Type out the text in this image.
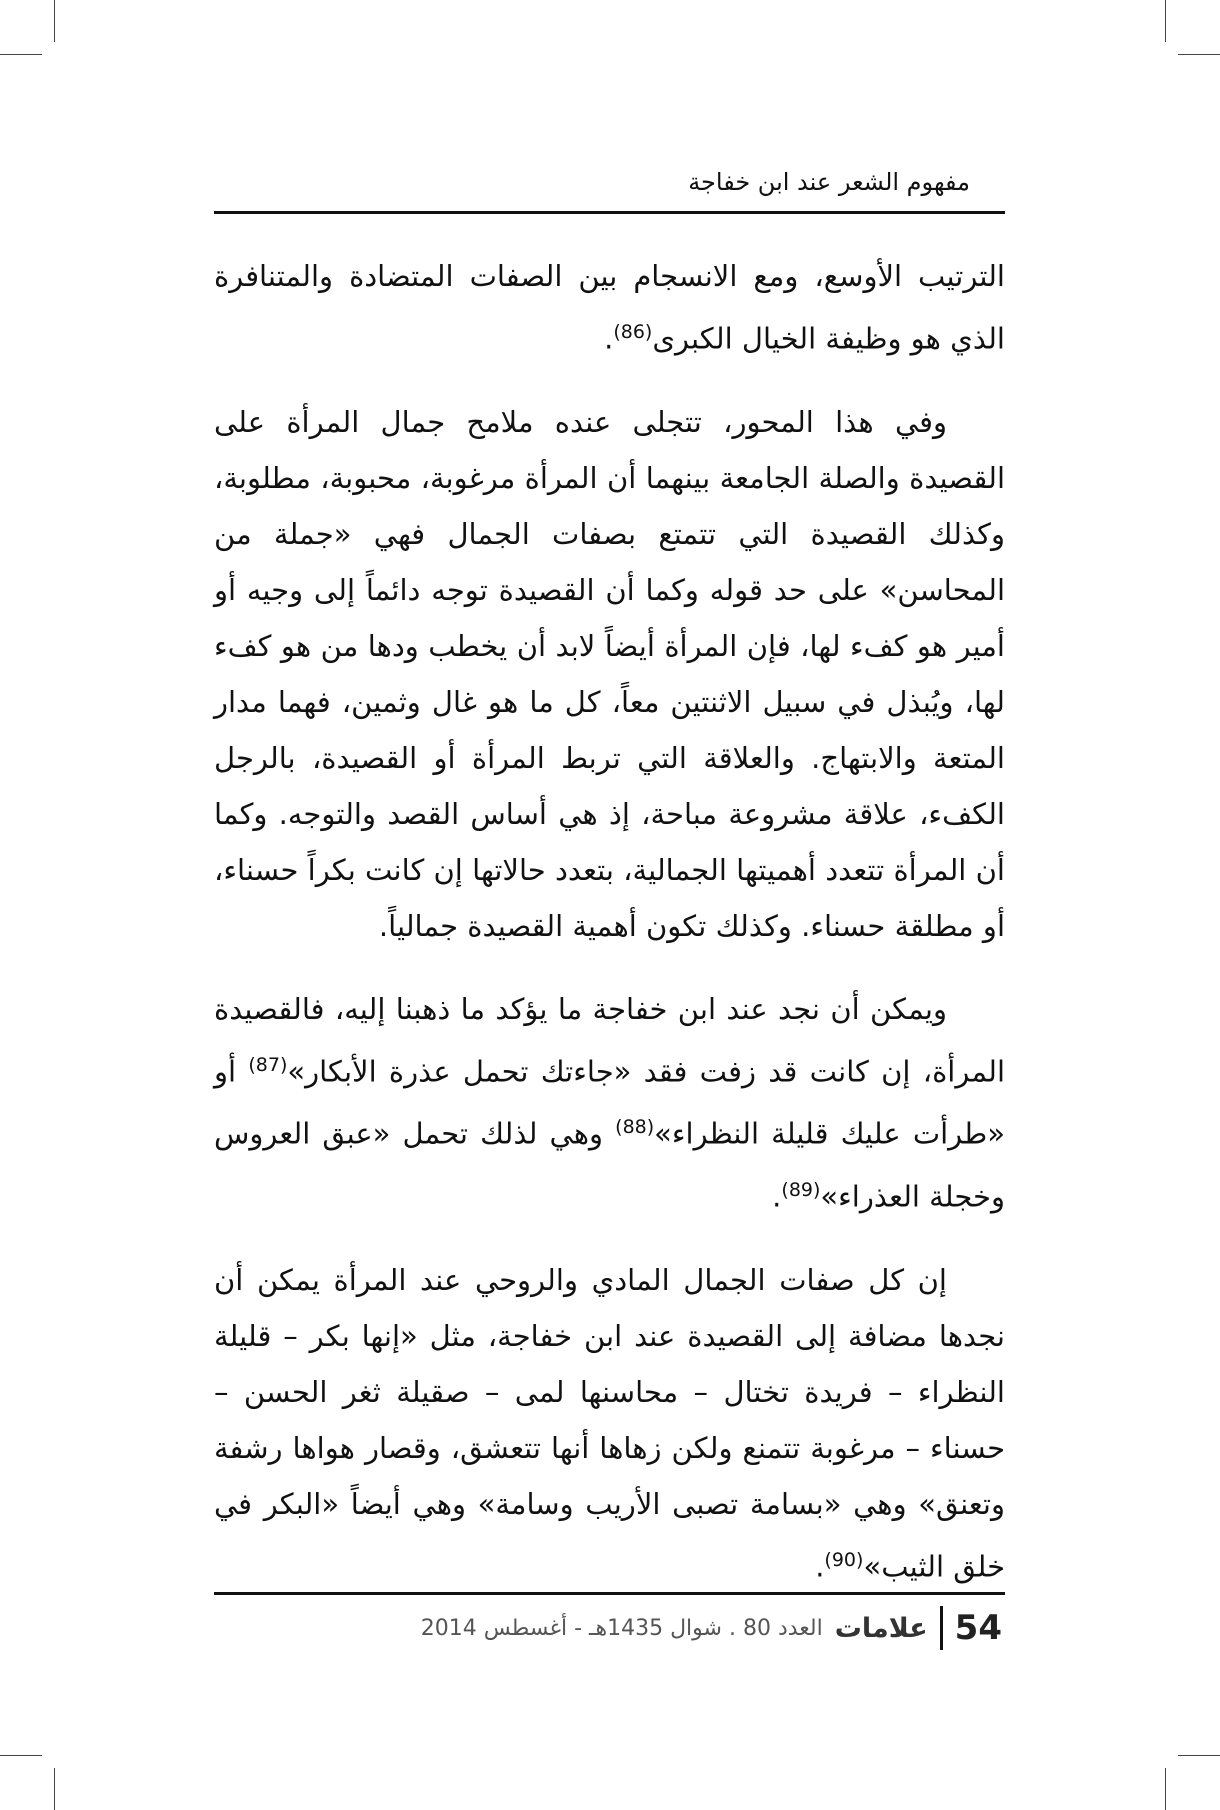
مفهوم الشعر عند ابن خفاجة

الترتيب الأوسع، ومع الانسجام بين الصفات المتضادة والمتنافرة الذي هو وظيفة الخيال الكبرى$^{(86)}$.

وفي هذا المحور، تتجلى عنده ملامح جمال المرأة على القصيدة والصلة الجامعة بينهما أن المرأة مرغوبة، محبوبة، مطلوبة، وكذلك القصيدة التي تتمتع بصفات الجمال فهي «جملة من المحاسن» على حد قوله وكما أن القصيدة توجه دائماً إلى وجيه أو أمير هو كفء لها، فإن المرأة أيضاً لابد أن يخطب ودها من هو كفء لها، ويُبذل في سبيل الاثنتين معاً، كل ما هو غال وثمين، فهما مدار المتعة والابتهاج. والعلاقة التي تربط المرأة أو القصيدة، بالرجل الكفء، علاقة مشروعة مباحة، إذ هي أساس القصد والتوجه. وكما أن المرأة تتعدد أهميتها الجمالية، بتعدد حالاتها إن كانت بكراً حسناء، أو مطلقة حسناء. وكذلك تكون أهمية القصيدة جمالياً.

ويمكن أن نجد عند ابن خفاجة ما يؤكد ما ذهبنا إليه، فالقصيدة المرأة، إن كانت قد زفت فقد «جاءتك تحمل عذرة الأبكار»$^{(87)}$ أو «طرأت عليك قليلة النظراء»$^{(88)}$ وهي لذلك تحمل «عبق العروس وخجلة العذراء»$^{(89)}$.

إن كل صفات الجمال المادي والروحي عند المرأة يمكن أن نجدها مضافة إلى القصيدة عند ابن خفاجة، مثل «إنها بكر – قليلة النظراء – فريدة تختال – محاسنها لمى – صقيلة ثغر الحسن – حسناء – مرغوبة تتمنع ولكن زهاها أنها تتعشق، وقصار هواها رشفة وتعنق» وهي «بسامة تصبى الأريب وسامة» وهي أيضاً «البكر في خلق الثيب»$^{(90)}$.

54
علامات
العدد 80 . شوال 1435هـ - أغسطس 2014
